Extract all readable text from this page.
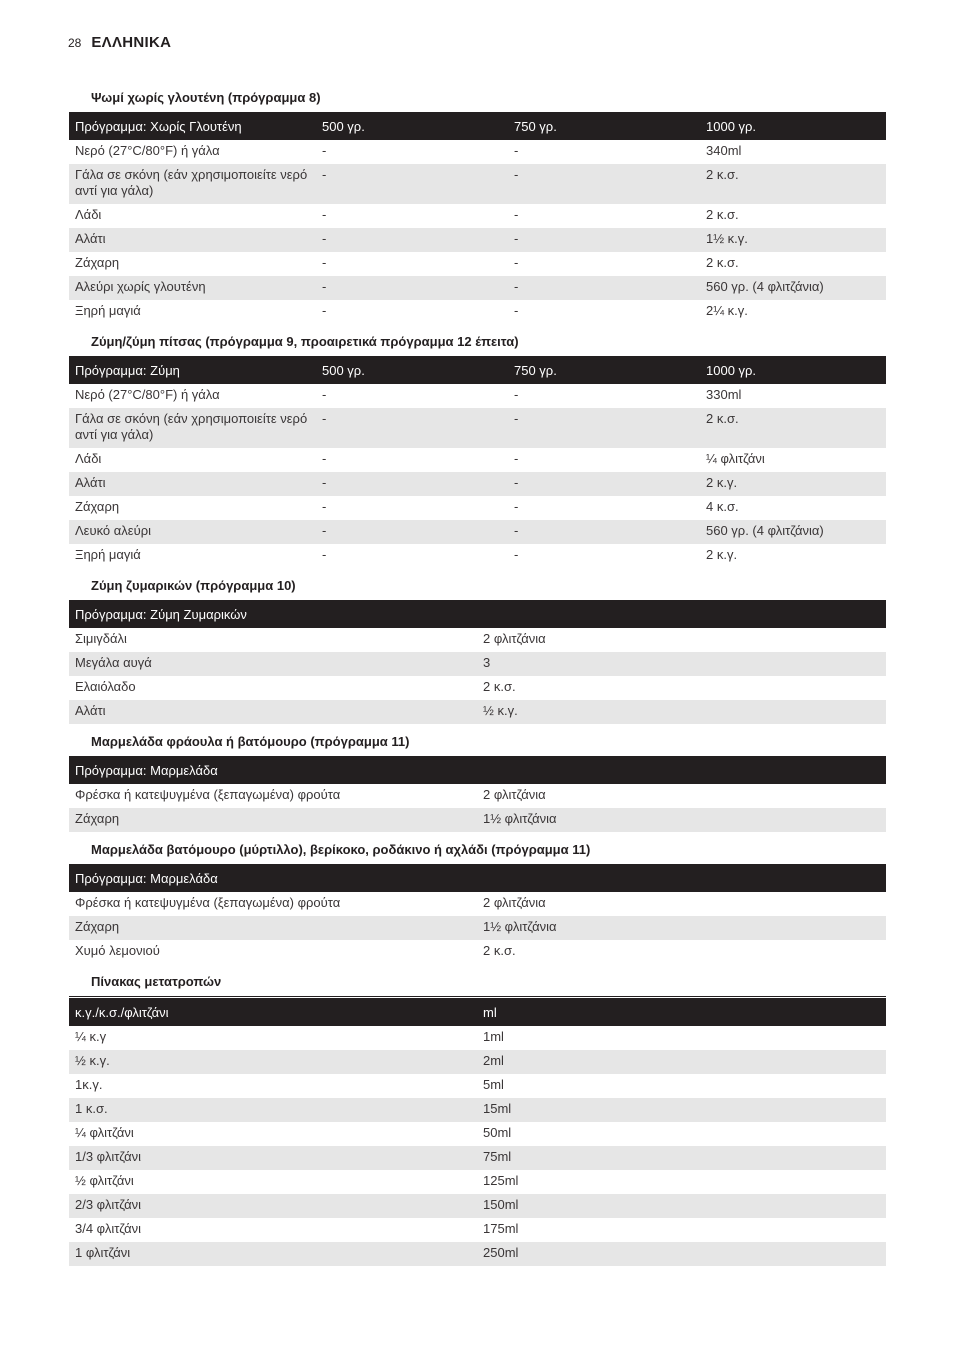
28 ΕΛΛΗΝΙΚΑ
Ψωμί χωρίς γλουτένη (πρόγραμμα 8)
Πρόγραμμα: Χωρίς Γλουτένη	500 γρ.	750 γρ.	1000 γρ.
Νερό (27°C/80°F) ή γάλα	-	-	340ml
Γάλα σε σκόνη (εάν χρησιμοποιείτε νερό αντί για γάλα)	-	-	2 κ.σ.
Λάδι	-	-	2 κ.σ.
Αλάτι	-	-	1½ κ.γ.
Ζάχαρη	-	-	2 κ.σ.
Αλεύρι χωρίς γλουτένη	-	-	560 γρ. (4 φλιτζάνια)
Ξηρή μαγιά	-	-	2¼ κ.γ.
Ζύμη/ζύμη πίτσας (πρόγραμμα 9, προαιρετικά πρόγραμμα 12 έπειτα)
Πρόγραμμα: Ζύμη	500 γρ.	750 γρ.	1000 γρ.
Νερό (27°C/80°F) ή γάλα	-	-	330ml
Γάλα σε σκόνη (εάν χρησιμοποιείτε νερό αντί για γάλα)	-	-	2 κ.σ.
Λάδι	-	-	¼ φλιτζάνι
Αλάτι	-	-	2 κ.γ.
Ζάχαρη	-	-	4 κ.σ.
Λευκό αλεύρι	-	-	560 γρ. (4 φλιτζάνια)
Ξηρή μαγιά	-	-	2 κ.γ.
Ζύμη ζυμαρικών (πρόγραμμα 10)
Πρόγραμμα: Ζύμη Ζυμαρικών	
Σιμιγδάλι	2 φλιτζάνια
Μεγάλα αυγά	3
Ελαιόλαδο	2 κ.σ.
Αλάτι	½ κ.γ.
Μαρμελάδα φράουλα ή βατόμουρο (πρόγραμμα 11)
Πρόγραμμα: Μαρμελάδα	
Φρέσκα ή κατεψυγμένα (ξεπαγωμένα) φρούτα	2 φλιτζάνια
Ζάχαρη	1½ φλιτζάνια
Μαρμελάδα βατόμουρο (μύρτιλλο), βερίκοκο, ροδάκινο ή αχλάδι (πρόγραμμα 11)
Πρόγραμμα: Μαρμελάδα	
Φρέσκα ή κατεψυγμένα (ξεπαγωμένα) φρούτα	2 φλιτζάνια
Ζάχαρη	1½ φλιτζάνια
Χυμό λεμονιού	2 κ.σ.
Πίνακας μετατροπών
κ.γ./κ.σ./φλιτζάνι	ml
¼ κ.γ	1ml
½ κ.γ.	2ml
1κ.γ.	5ml
1 κ.σ.	15ml
¼ φλιτζάνι	50ml
1/3 φλιτζάνι	75ml
½ φλιτζάνι	125ml
2/3 φλιτζάνι	150ml
3/4 φλιτζάνι	175ml
1 φλιτζάνι	250ml
